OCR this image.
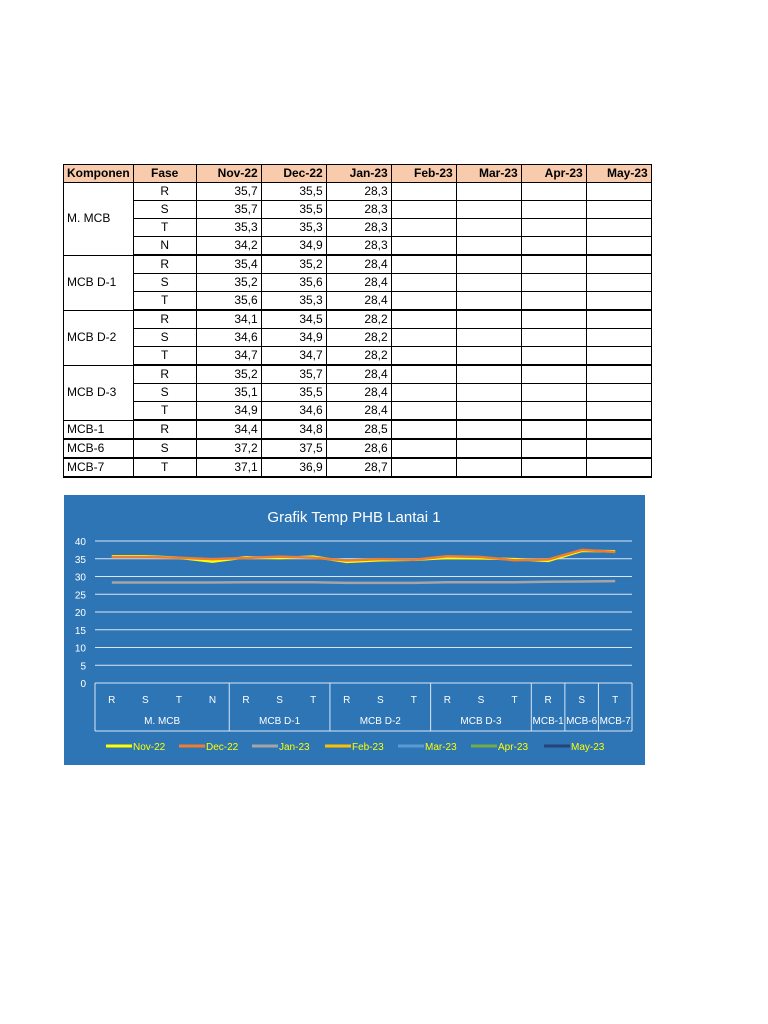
Komponen	Fase	Nov-22	Dec-22	Jan-23	Feb-23	Mar-23	Apr-23	May-23
M. MCB	R	35,7	35,5	28,3				
	S	35,7	35,5	28,3				
	T	35,3	35,3	28,3				
	N	34,2	34,9	28,3				
MCB D-1	R	35,4	35,2	28,4				
	S	35,2	35,6	28,4				
	T	35,6	35,3	28,4				
MCB D-2	R	34,1	34,5	28,2				
	S	34,6	34,9	28,2				
	T	34,7	34,7	28,2				
MCB D-3	R	35,2	35,7	28,4				
	S	35,1	35,5	28,4				
	T	34,9	34,6	28,4				
MCB-1	R	34,4	34,8	28,5				
MCB-6	S	37,2	37,5	28,6				
MCB-7	T	37,1	36,9	28,7				
Grafik Temp PHB Lantai 1
0
5
10
15
20
25
30
35
40
R	S	T	N	R	S	T	R	S	T	R	S	T	R	S	T
M. MCB	MCB D-1	MCB D-2	MCB D-3	MCB-1 MCB-6 MCB-7
Nov-22	Dec-22	Jan-23	Feb-23	Mar-23	Apr-23	May-23
